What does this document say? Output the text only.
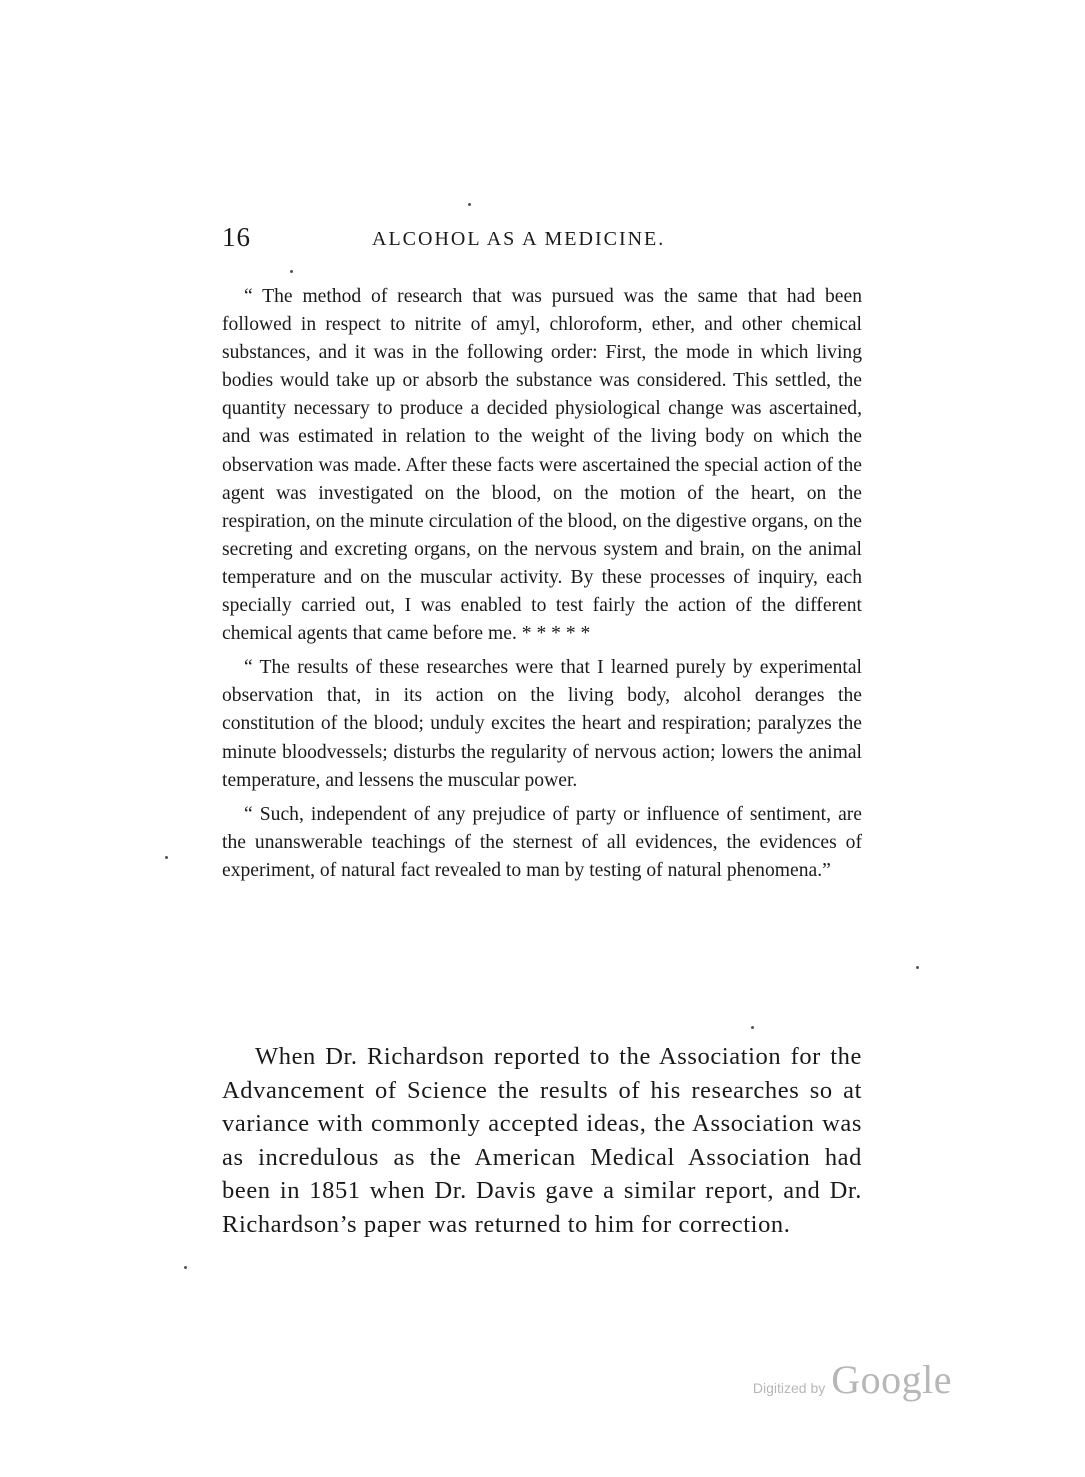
16	ALCOHOL AS A MEDICINE.

“ The method of research that was pursued was the same that had been followed in respect to nitrite of amyl, chloroform, ether, and other chemical substances, and it was in the following order: First, the mode in which living bodies would take up or absorb the substance was considered. This settled, the quantity necessary to produce a decided physiological change was ascertained, and was estimated in relation to the weight of the living body on which the observation was made. After these facts were ascertained the special action of the agent was investigated on the blood, on the motion of the heart, on the respiration, on the minute circulation of the blood, on the digestive organs, on the secreting and excreting organs, on the nervous system and brain, on the animal temperature and on the muscular activity. By these processes of inquiry, each specially carried out, I was enabled to test fairly the action of the different chemical agents that came before me. * * * * *

“ The results of these researches were that I learned purely by experimental observation that, in its action on the living body, alcohol deranges the constitution of the blood; unduly excites the heart and respiration; paralyzes the minute bloodvessels; disturbs the regularity of nervous action; lowers the animal temperature, and lessens the muscular power.

“ Such, independent of any prejudice of party or influence of sentiment, are the unanswerable teachings of the sternest of all evidences, the evidences of experiment, of natural fact revealed to man by testing of natural phenomena.”

When Dr. Richardson reported to the Association for the Advancement of Science the results of his researches so at variance with commonly accepted ideas, the Association was as incredulous as the American Medical Association had been in 1851 when Dr. Davis gave a similar report, and Dr. Richardson’s paper was returned to him for correction.

Digitized by Google
